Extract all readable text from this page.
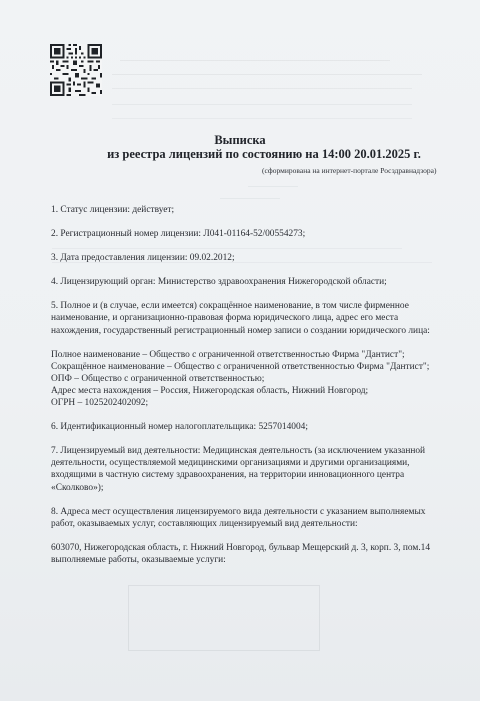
Выписка
из реестра лицензий по состоянию на 14:00 20.01.2025 г.
(сформирована на интернет-портале Росздравнадзора)

1. Статус лицензии: действует;

2. Регистрационный номер лицензии: Л041-01164-52/00554273;

3. Дата предоставления лицензии: 09.02.2012;

4. Лицензирующий орган: Министерство здравоохранения Нижегородской области;

5. Полное и (в случае, если имеется) сокращённое наименование, в том числе фирменное

наименование, и организационно-правовая форма юридического лица, адрес его места

нахождения, государственный регистрационный номер записи о создании юридического лица:

Полное наименование – Общество с ограниченной ответственностью Фирма "Дантист";

Сокращённое наименование – Общество с ограниченной ответственностью Фирма "Дантист";

ОПФ – Общество с ограниченной ответственностью;

Адрес места нахождения – Россия, Нижегородская область, Нижний Новгород;

ОГРН – 1025202402092;

6. Идентификационный номер налогоплательщика: 5257014004;

7. Лицензируемый вид деятельности: Медицинская деятельность (за исключением указанной

деятельности, осуществляемой медицинскими организациями и другими организациями,

входящими в частную систему здравоохранения, на территории инновационного центра

«Сколково»);

8. Адреса мест осуществления лицензируемого вида деятельности с указанием выполняемых

работ, оказываемых услуг, составляющих лицензируемый вид деятельности:

603070, Нижегородская область, г. Нижний Новгород, бульвар Мещерский д. 3, корп. 3, пом.14

выполняемые работы, оказываемые услуги:
